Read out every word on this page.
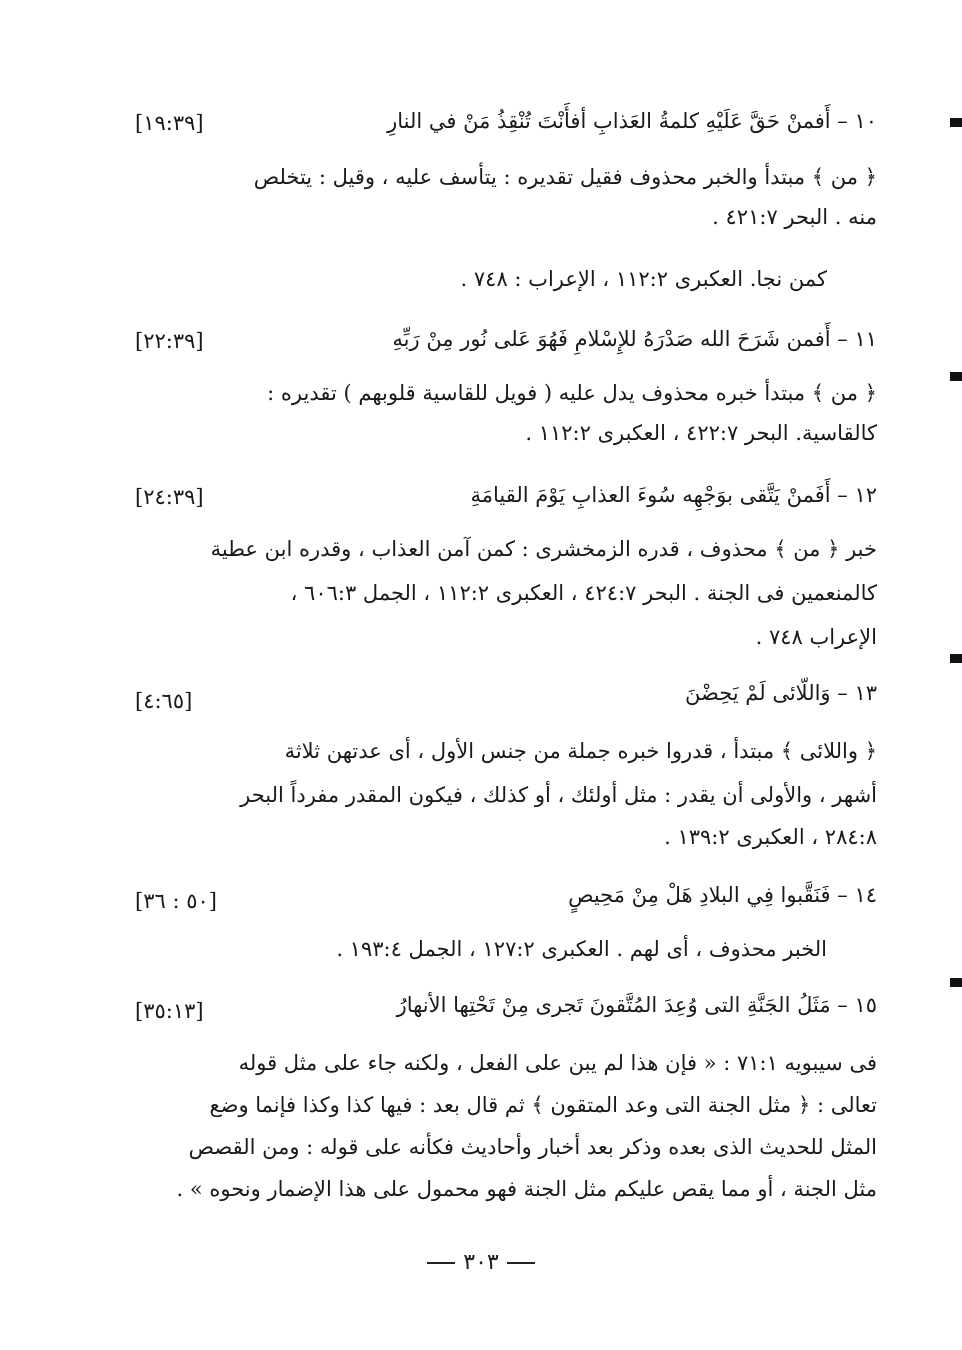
١٠ – أَفمنْ حَقَّ عَلَيْهِ كلمةُ العَذابِ أفأَنْتَ تُنْقِذُ مَنْ في النارِ
[١٩:٣٩]
﴿ من ﴾ مبتدأ والخبر محذوف فقيل تقديره : يتأسف عليه ، وقيل : يتخلص
منه . البحر ٤٢١:٧ .
كمن نجا. العكبرى ١١٢:٢ ، الإعراب : ٧٤٨ .
١١ – أَفمن شَرَحَ الله صَدْرَهُ للإِسْلامِ فَهُوَ عَلى نُور مِنْ رَبِّهِ
[٢٢:٣٩]
﴿ من ﴾ مبتدأ خبره محذوف يدل عليه ( فويل للقاسية قلوبهم ) تقديره :
كالقاسية. البحر ٤٢٢:٧ ، العكبرى ١١٢:٢ .
١٢ – أَفَمنْ يَتَّقى بوَجْهِه سُوءَ العذابِ يَوْمَ القيامَةِ
[٢٤:٣٩]
خبر ﴿ من ﴾ محذوف ، قدره الزمخشرى : كمن آمن العذاب ، وقدره ابن عطية
كالمنعمين فى الجنة . البحر ٤٢٤:٧ ، العكبرى ١١٢:٢ ، الجمل ٦٠٦:٣ ،
الإعراب ٧٤٨ .
١٣ – وَاللّائى لَمْ يَحِضْنَ
[٤:٦٥]
﴿ واللائى ﴾ مبتدأ ، قدروا خبره جملة من جنس الأول ، أى عدتهن ثلاثة
أشهر ، والأولى أن يقدر : مثل أولئك ، أو كذلك ، فيكون المقدر مفرداً البحر
٢٨٤:٨ ، العكبرى ١٣٩:٢ .
١٤ – فَنَقَّبوا فِي البلادِ هَلْ مِنْ مَحِيصٍ
[٥٠ : ٣٦]
الخبر محذوف ، أى لهم . العكبرى ١٢٧:٢ ، الجمل ١٩٣:٤ .
١٥ – مَثَلُ الجَنَّةِ التى وُعِدَ المُتَّقونَ تَجرى مِنْ تَحْتِها الأنهارُ
[٣٥:١٣]
فى سيبويه ٧١:١ : « فإن هذا لم يبن على الفعل ، ولكنه جاء على مثل قوله
تعالى : ﴿ مثل الجنة التى وعد المتقون ﴾ ثم قال بعد : فيها كذا وكذا فإنما وضع
المثل للحديث الذى بعده وذكر بعد أخبار وأحاديث فكأنه على قوله : ومن القصص
مثل الجنة ، أو مما يقص عليكم مثل الجنة فهو محمول على هذا الإضمار ونحوه » .
٣٠٣
